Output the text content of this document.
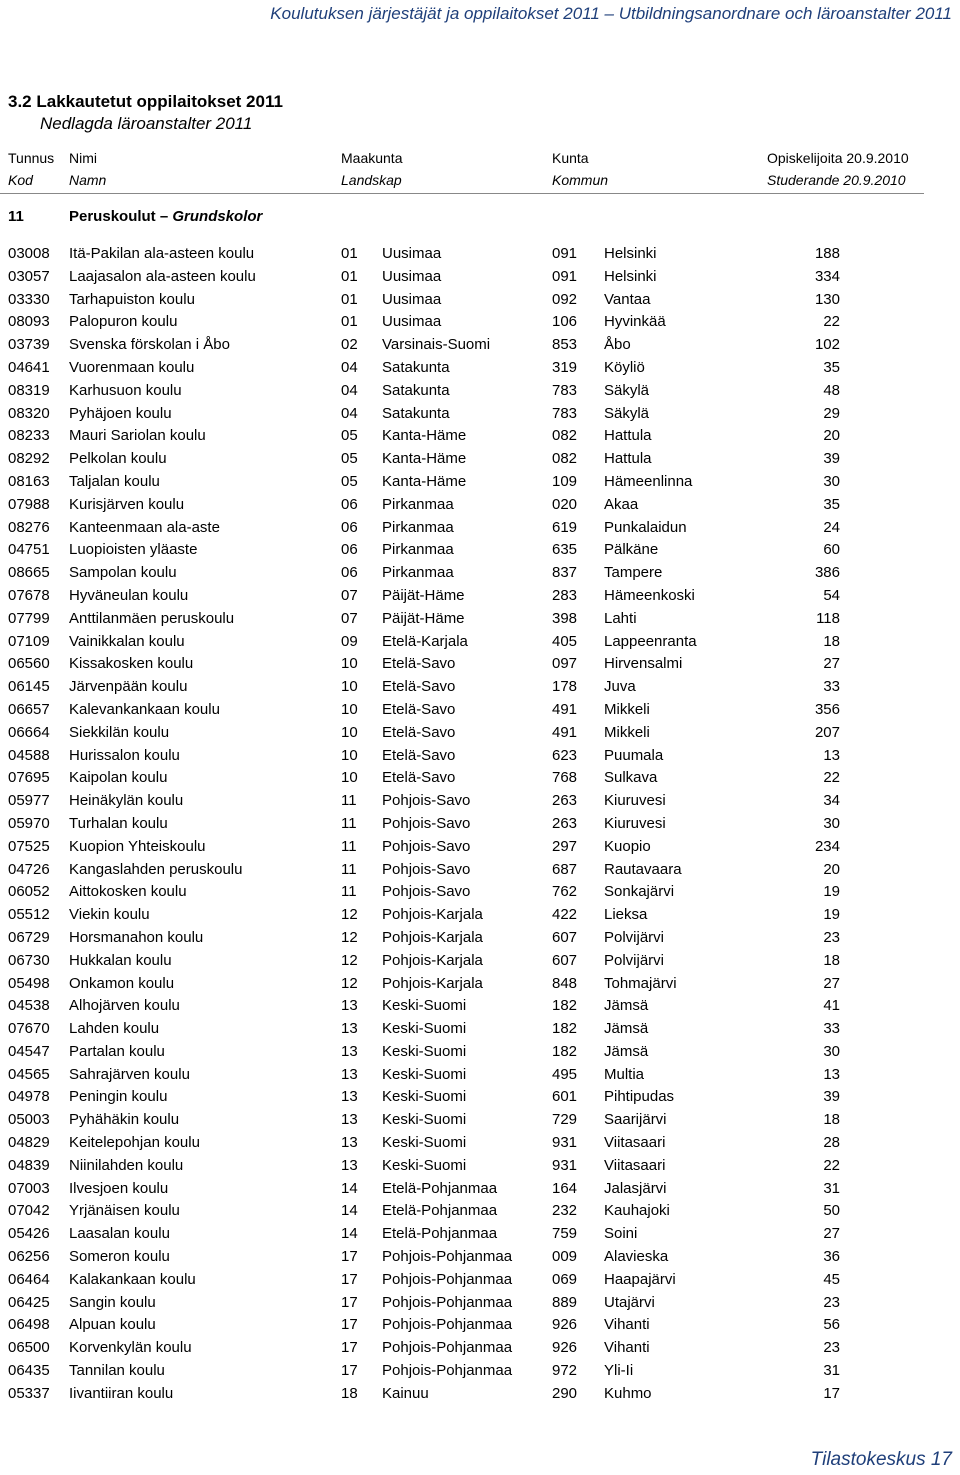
Koulutuksen järjestäjät ja oppilaitokset 2011 – Utbildningsanordnare och läroanstalter 2011
3.2 Lakkautetut oppilaitokset 2011
Nedlagda läroanstalter 2011
Tunnus Nimi	Maakunta	Kunta	Opiskelijoita 20.9.2010
Kod	Namn	Landskap	Kommun	Studerande 20.9.2010
11	Peruskoulut – Grundskolor
03008 Itä-Pakilan ala-asteen koulu	01 Uusimaa	091 Helsinki	188
03057 Laajasalon ala-asteen koulu	01 Uusimaa	091 Helsinki	334
03330 Tarhapuiston koulu	01 Uusimaa	092 Vantaa	130
08093 Palopuron koulu	01 Uusimaa	106 Hyvinkää	22
03739 Svenska förskolan i Åbo	02 Varsinais-Suomi	853 Åbo	102
04641 Vuorenmaan koulu	04 Satakunta	319 Köyliö	35
08319 Karhusuon koulu	04 Satakunta	783 Säkylä	48
08320 Pyhäjoen koulu	04 Satakunta	783 Säkylä	29
08233 Mauri Sariolan koulu	05 Kanta-Häme	082 Hattula	20
08292 Pelkolan koulu	05 Kanta-Häme	082 Hattula	39
08163 Taljalan koulu	05 Kanta-Häme	109 Hämeenlinna	30
07988 Kurisjärven koulu	06 Pirkanmaa	020 Akaa	35
08276 Kanteenmaan ala-aste	06 Pirkanmaa	619 Punkalaidun	24
04751 Luopioisten yläaste	06 Pirkanmaa	635 Pälkäne	60
08665 Sampolan koulu	06 Pirkanmaa	837 Tampere	386
07678 Hyväneulan koulu	07 Päijät-Häme	283 Hämeenkoski	54
07799 Anttilanmäen peruskoulu	07 Päijät-Häme	398 Lahti	118
07109 Vainikkalan koulu	09 Etelä-Karjala	405 Lappeenranta	18
06560 Kissakosken koulu	10 Etelä-Savo	097 Hirvensalmi	27
06145 Järvenpään koulu	10 Etelä-Savo	178 Juva	33
06657 Kalevankankaan koulu	10 Etelä-Savo	491 Mikkeli	356
06664 Siekkilän koulu	10 Etelä-Savo	491 Mikkeli	207
04588 Hurissalon koulu	10 Etelä-Savo	623 Puumala	13
07695 Kaipolan koulu	10 Etelä-Savo	768 Sulkava	22
05977 Heinäkylän koulu	11 Pohjois-Savo	263 Kiuruvesi	34
05970 Turhalan koulu	11 Pohjois-Savo	263 Kiuruvesi	30
07525 Kuopion Yhteiskoulu	11 Pohjois-Savo	297 Kuopio	234
04726 Kangaslahden peruskoulu	11 Pohjois-Savo	687 Rautavaara	20
06052 Aittokosken koulu	11 Pohjois-Savo	762 Sonkajärvi	19
05512 Viekin koulu	12 Pohjois-Karjala	422 Lieksa	19
06729 Horsmanahon koulu	12 Pohjois-Karjala	607 Polvijärvi	23
06730 Hukkalan koulu	12 Pohjois-Karjala	607 Polvijärvi	18
05498 Onkamon koulu	12 Pohjois-Karjala	848 Tohmajärvi	27
04538 Alhojärven koulu	13 Keski-Suomi	182 Jämsä	41
07670 Lahden koulu	13 Keski-Suomi	182 Jämsä	33
04547 Partalan koulu	13 Keski-Suomi	182 Jämsä	30
04565 Sahrajärven koulu	13 Keski-Suomi	495 Multia	13
04978 Peningin koulu	13 Keski-Suomi	601 Pihtipudas	39
05003 Pyhähäkin koulu	13 Keski-Suomi	729 Saarijärvi	18
04829 Keitelepohjan koulu	13 Keski-Suomi	931 Viitasaari	28
04839 Niinilahden koulu	13 Keski-Suomi	931 Viitasaari	22
07003 Ilvesjoen koulu	14 Etelä-Pohjanmaa	164 Jalasjärvi	31
07042 Yrjänäisen koulu	14 Etelä-Pohjanmaa	232 Kauhajoki	50
05426 Laasalan koulu	14 Etelä-Pohjanmaa	759 Soini	27
06256 Someron koulu	17 Pohjois-Pohjanmaa	009 Alavieska	36
06464 Kalakankaan koulu	17 Pohjois-Pohjanmaa	069 Haapajärvi	45
06425 Sangin koulu	17 Pohjois-Pohjanmaa	889 Utajärvi	23
06498 Alpuan koulu	17 Pohjois-Pohjanmaa	926 Vihanti	56
06500 Korvenkylän koulu	17 Pohjois-Pohjanmaa	926 Vihanti	23
06435 Tannilan koulu	17 Pohjois-Pohjanmaa	972 Yli-Ii	31
05337 Iivantiiran koulu	18 Kainuu	290 Kuhmo	17
Tilastokeskus 17
